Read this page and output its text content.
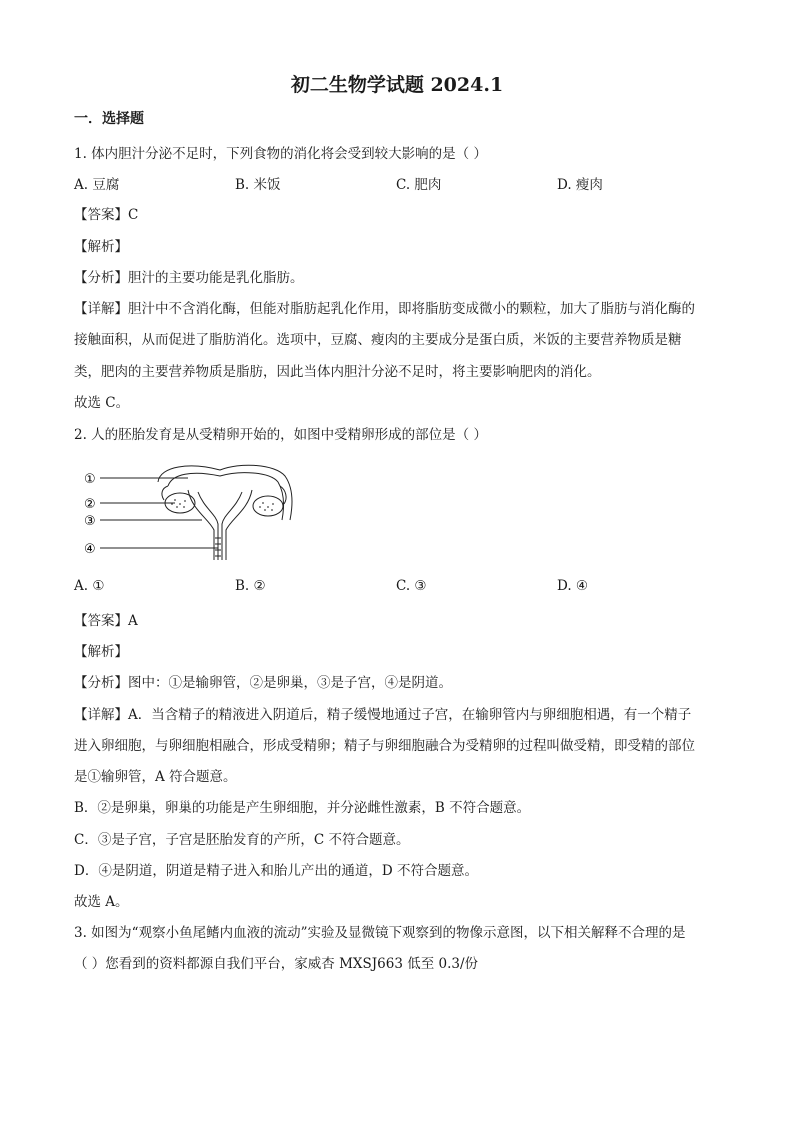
初二生物学试题 2024.1
一．选择题
1. 体内胆汁分泌不足时，下列食物的消化将会受到较大影响的是（ ）
A. 豆腐	B. 米饭	C. 肥肉	D. 瘦肉
【答案】C
【解析】
【分析】胆汁的主要功能是乳化脂肪。
【详解】胆汁中不含消化酶，但能对脂肪起乳化作用，即将脂肪变成微小的颗粒，加大了脂肪与消化酶的
接触面积，从而促进了脂肪消化。选项中，豆腐、瘦肉的主要成分是蛋白质，米饭的主要营养物质是糖
类，肥肉的主要营养物质是脂肪，因此当体内胆汁分泌不足时，将主要影响肥肉的消化。
故选 C。
2. 人的胚胎发育是从受精卵开始的，如图中受精卵形成的部位是（ ）
①
②
③
④
A. ①	B. ②	C. ③	D. ④
【答案】A
【解析】
【分析】图中：①是输卵管，②是卵巢，③是子宫，④是阴道。
【详解】A．当含精子的精液进入阴道后，精子缓慢地通过子宫，在输卵管内与卵细胞相遇，有一个精子
进入卵细胞，与卵细胞相融合，形成受精卵；精子与卵细胞融合为受精卵的过程叫做受精，即受精的部位
是①输卵管，A 符合题意。
B．②是卵巢，卵巢的功能是产生卵细胞，并分泌雌性激素，B 不符合题意。
C．③是子宫，子宫是胚胎发育的产所，C 不符合题意。
D．④是阴道，阴道是精子进入和胎儿产出的通道，D 不符合题意。
故选 A。
3. 如图为“观察小鱼尾鳍内血液的流动”实验及显微镜下观察到的物像示意图，以下相关解释不合理的是
（ ）您看到的资料都源自我们平台，家威杏 MXSJ663 低至 0.3/份
